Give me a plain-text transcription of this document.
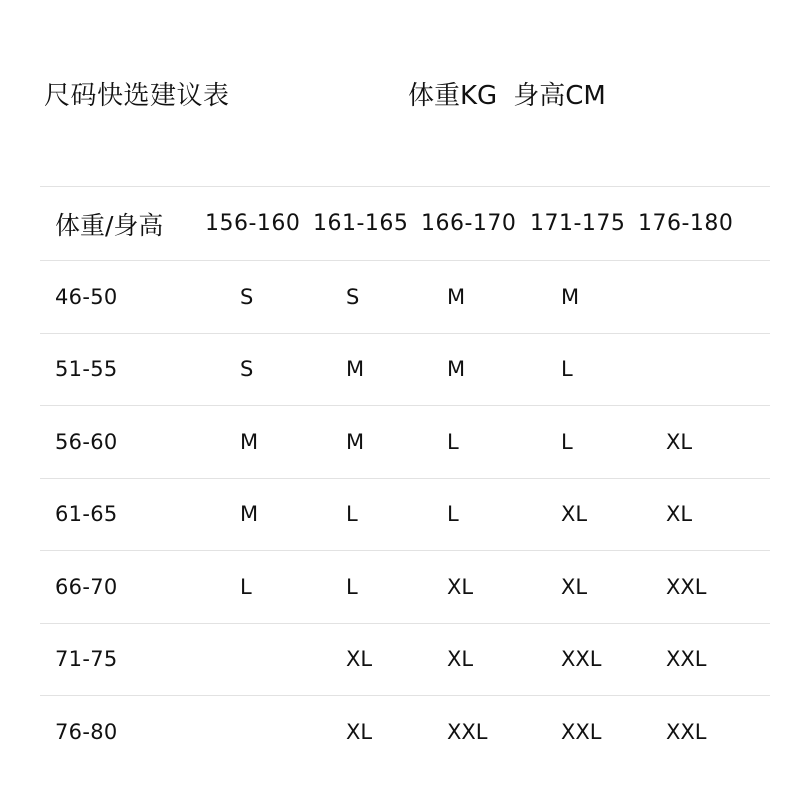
尺码快选建议表	体重KG 身高CM
体重/身高	156-160	161-165	166-170	171-175	176-180
46-50	S	S	M	M	
51-55	S	M	M	L	
56-60	M	M	L	L	XL
61-65	M	L	L	XL	XL
66-70	L	L	XL	XL	XXL
71-75		XL	XL	XXL	XXL
76-80		XL	XXL	XXL	XXL
